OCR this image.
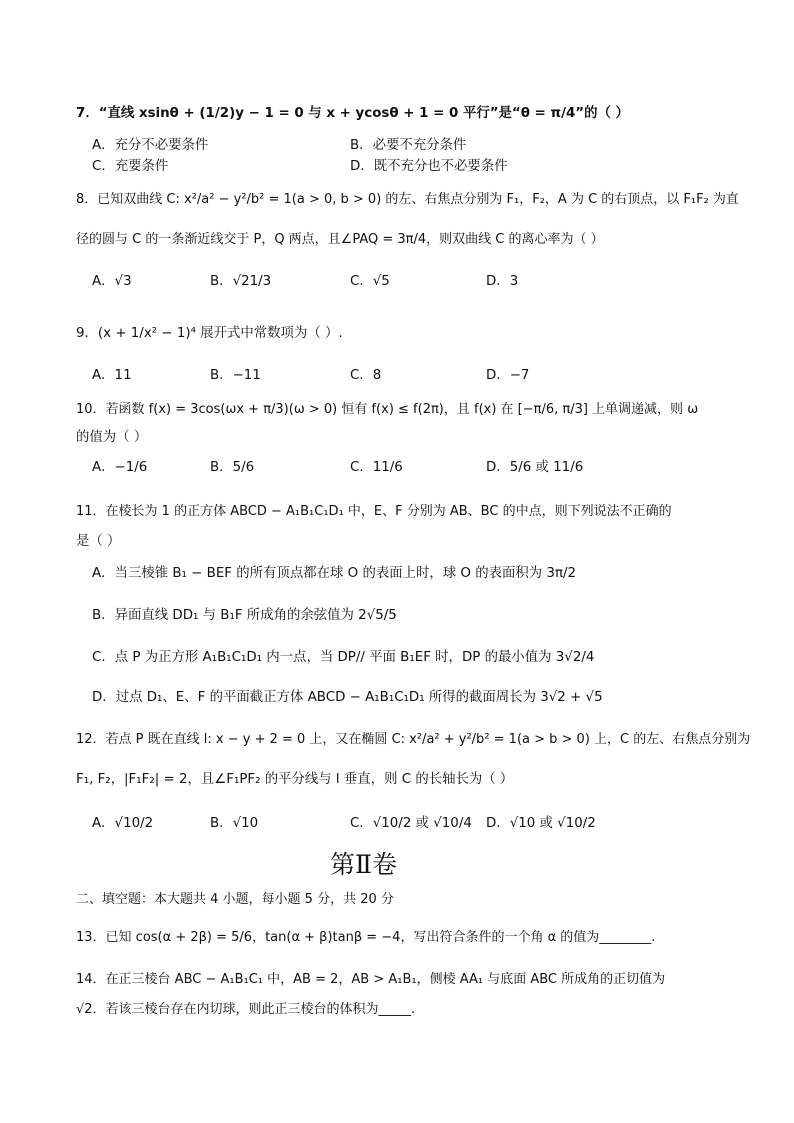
7．“直线 xsinθ + (1/2)y − 1 = 0 与 x + ycosθ + 1 = 0 平行”是“θ = π/4”的（ ）
A．充分不必要条件	B．必要不充分条件
C．充要条件	D．既不充分也不必要条件
8．已知双曲线 C: x²/a² − y²/b² = 1(a > 0, b > 0) 的左、右焦点分别为 F₁，F₂，A 为 C 的右顶点，以 F₁F₂ 为直
径的圆与 C 的一条渐近线交于 P，Q 两点，且∠PAQ = 3π/4，则双曲线 C 的离心率为（ ）
A．√3	B．√21/3	C．√5	D．3
9．(x + 1/x² − 1)⁴ 展开式中常数项为（ ）.
A．11	B．−11	C．8	D．−7
10．若函数 f(x) = 3cos(ωx + π/3)(ω > 0) 恒有 f(x) ≤ f(2π)，且 f(x) 在 [−π/6, π/3] 上单调递减，则 ω
的值为（ ）
A．−1/6	B．5/6	C．11/6	D．5/6 或 11/6
11．在棱长为 1 的正方体 ABCD − A₁B₁C₁D₁ 中，E、F 分别为 AB、BC 的中点，则下列说法不正确的
是（ ）
A．当三棱锥 B₁ − BEF 的所有顶点都在球 O 的表面上时，球 O 的表面积为 3π/2
B．异面直线 DD₁ 与 B₁F 所成角的余弦值为 2√5/5
C．点 P 为正方形 A₁B₁C₁D₁ 内一点，当 DP// 平面 B₁EF 时，DP 的最小值为 3√2/4
D．过点 D₁、E、F 的平面截正方体 ABCD − A₁B₁C₁D₁ 所得的截面周长为 3√2 + √5
12．若点 P 既在直线 l: x − y + 2 = 0 上，又在椭圆 C: x²/a² + y²/b² = 1(a > b > 0) 上，C 的左、右焦点分别为
F₁, F₂，|F₁F₂| = 2，且∠F₁PF₂ 的平分线与 l 垂直，则 C 的长轴长为（ ）
A．√10/2	B．√10	C．√10/2 或 √10/4 D．√10 或 √10/2
第Ⅱ卷
二、填空题：本大题共 4 小题，每小题 5 分，共 20 分
13．已知 cos(α + 2β) = 5/6，tan(α + β)tanβ = −4，写出符合条件的一个角 α 的值为________.
14．在正三棱台 ABC − A₁B₁C₁ 中，AB = 2，AB > A₁B₁，侧棱 AA₁ 与底面 ABC 所成角的正切值为
√2．若该三棱台存在内切球，则此正三棱台的体积为_____.
